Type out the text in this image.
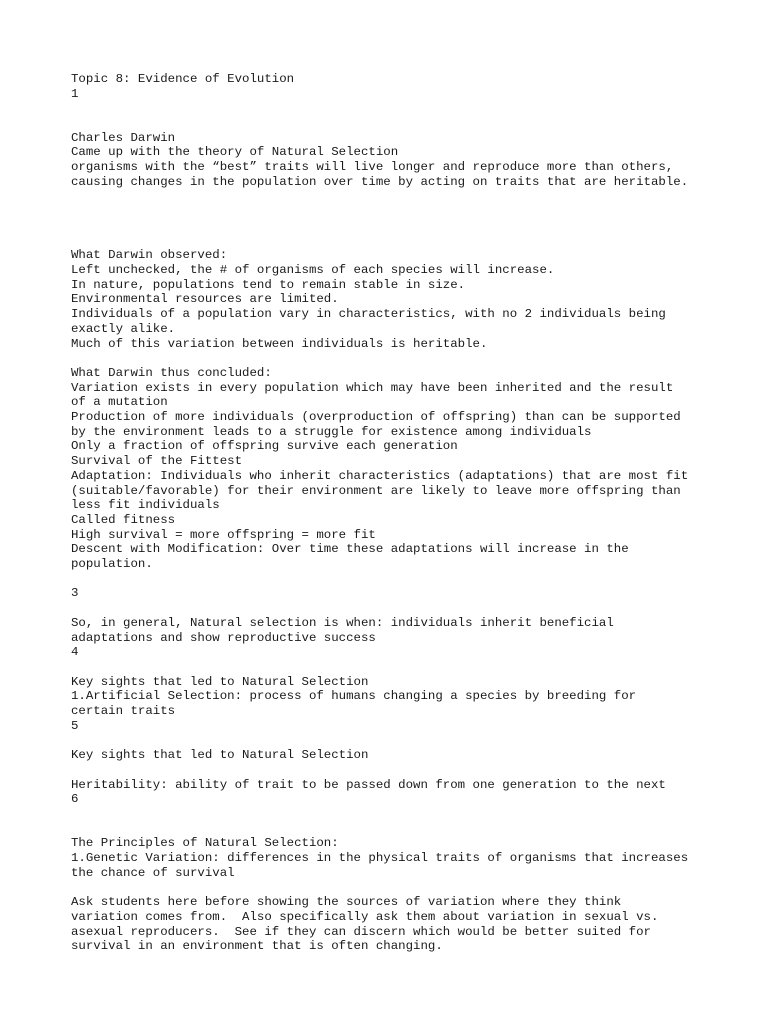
Topic 8: Evidence of Evolution
1
Charles Darwin
Came up with the theory of Natural Selection
organisms with the “best” traits will live longer and reproduce more than others,
causing changes in the population over time by acting on traits that are heritable.
What Darwin observed:
Left unchecked, the # of organisms of each species will increase.
In nature, populations tend to remain stable in size.
Environmental resources are limited.
Individuals of a population vary in characteristics, with no 2 individuals being
exactly alike.
Much of this variation between individuals is heritable.
What Darwin thus concluded:
Variation exists in every population which may have been inherited and the result
of a mutation
Production of more individuals (overproduction of offspring) than can be supported
by the environment leads to a struggle for existence among individuals
Only a fraction of offspring survive each generation
Survival of the Fittest
Adaptation: Individuals who inherit characteristics (adaptations) that are most fit
(suitable/favorable) for their environment are likely to leave more offspring than
less fit individuals
Called fitness
High survival = more offspring = more fit
Descent with Modification: Over time these adaptations will increase in the
population.
3
So, in general, Natural selection is when: individuals inherit beneficial
adaptations and show reproductive success
4
Key sights that led to Natural Selection
1.Artificial Selection: process of humans changing a species by breeding for
certain traits
5
Key sights that led to Natural Selection
Heritability: ability of trait to be passed down from one generation to the next
6
The Principles of Natural Selection:
1.Genetic Variation: differences in the physical traits of organisms that increases
the chance of survival
Ask students here before showing the sources of variation where they think
variation comes from.  Also specifically ask them about variation in sexual vs.
asexual reproducers.  See if they can discern which would be better suited for
survival in an environment that is often changing.
